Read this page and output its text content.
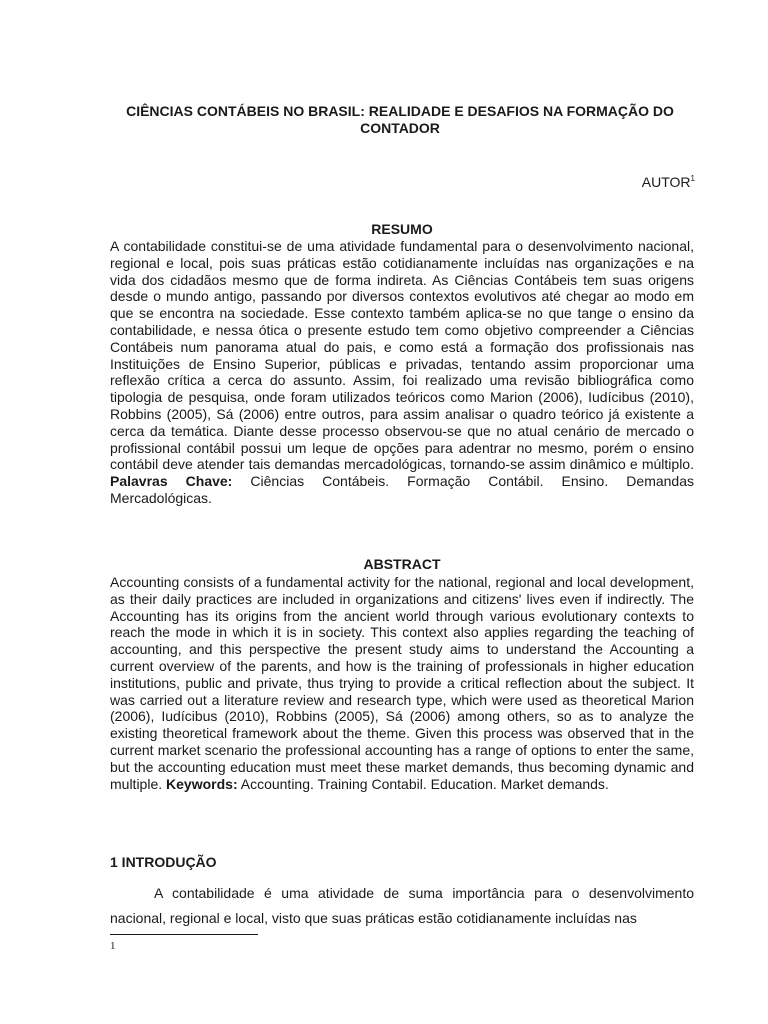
CIÊNCIAS CONTÁBEIS NO BRASIL: REALIDADE E DESAFIOS NA FORMAÇÃO DO CONTADOR
AUTOR$^1$
RESUMO

A contabilidade constitui-se de uma atividade fundamental para o desenvolvimento nacional, regional e local, pois suas práticas estão cotidianamente incluídas nas organizações e na vida dos cidadãos mesmo que de forma indireta. As Ciências Contábeis tem suas origens desde o mundo antigo, passando por diversos contextos evolutivos até chegar ao modo em que se encontra na sociedade. Esse contexto também aplica-se no que tange o ensino da contabilidade, e nessa ótica o presente estudo tem como objetivo compreender a Ciências Contábeis num panorama atual do pais, e como está a formação dos profissionais nas Instituições de Ensino Superior, públicas e privadas, tentando assim proporcionar uma reflexão crítica a cerca do assunto. Assim, foi realizado uma revisão bibliográfica como tipologia de pesquisa, onde foram utilizados teóricos como Marion (2006), Iudícibus (2010), Robbins (2005), Sá (2006) entre outros, para assim analisar o quadro teórico já existente a cerca da temática. Diante desse processo observou-se que no atual cenário de mercado o profissional contábil possui um leque de opções para adentrar no mesmo, porém o ensino contábil deve atender tais demandas mercadológicas, tornando-se assim dinâmico e múltiplo. Palavras Chave: Ciências Contábeis. Formação Contábil. Ensino. Demandas Mercadológicas.

ABSTRACT

Accounting consists of a fundamental activity for the national, regional and local development, as their daily practices are included in organizations and citizens' lives even if indirectly. The Accounting has its origins from the ancient world through various evolutionary contexts to reach the mode in which it is in society. This context also applies regarding the teaching of accounting, and this perspective the present study aims to understand the Accounting a current overview of the parents, and how is the training of professionals in higher education institutions, public and private, thus trying to provide a critical reflection about the subject. It was carried out a literature review and research type, which were used as theoretical Marion (2006), Iudícibus (2010), Robbins (2005), Sá (2006) among others, so as to analyze the existing theoretical framework about the theme. Given this process was observed that in the current market scenario the professional accounting has a range of options to enter the same, but the accounting education must meet these market demands, thus becoming dynamic and multiple. Keywords: Accounting. Training Contabil. Education. Market demands.

1 INTRODUÇÃO

A contabilidade é uma atividade de suma importância para o desenvolvimento nacional, regional e local, visto que suas práticas estão cotidianamente incluídas nas

1
